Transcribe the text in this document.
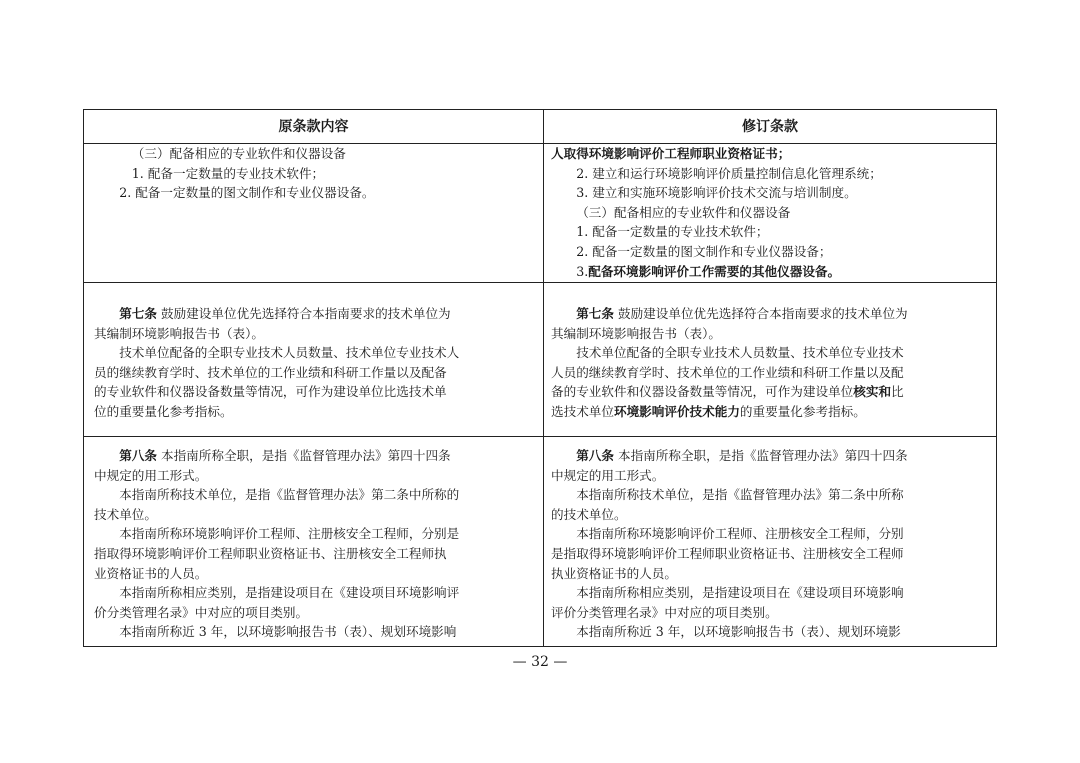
原条款内容	修订条款

（三）配备相应的专业软件和仪器设备

1. 配备一定数量的专业技术软件；

2. 配备一定数量的图文制作和专业仪器设备。

人取得环境影响评价工程师职业资格证书；

2. 建立和运行环境影响评价质量控制信息化管理系统；

3. 建立和实施环境影响评价技术交流与培训制度。

（三）配备相应的专业软件和仪器设备

1. 配备一定数量的专业技术软件；

2. 配备一定数量的图文制作和专业仪器设备；

3.配备环境影响评价工作需要的其他仪器设备。

第七条 鼓励建设单位优先选择符合本指南要求的技术单位为

其编制环境影响报告书（表）。

技术单位配备的全职专业技术人员数量、技术单位专业技术人

员的继续教育学时、技术单位的工作业绩和科研工作量以及配备

的专业软件和仪器设备数量等情况，可作为建设单位比选技术单

位的重要量化参考指标。

第七条 鼓励建设单位优先选择符合本指南要求的技术单位为

其编制环境影响报告书（表）。

技术单位配备的全职专业技术人员数量、技术单位专业技术

人员的继续教育学时、技术单位的工作业绩和科研工作量以及配

备的专业软件和仪器设备数量等情况，可作为建设单位核实和比

选技术单位环境影响评价技术能力的重要量化参考指标。

第八条 本指南所称全职，是指《监督管理办法》第四十四条

中规定的用工形式。

本指南所称技术单位，是指《监督管理办法》第二条中所称的

技术单位。

本指南所称环境影响评价工程师、注册核安全工程师，分别是

指取得环境影响评价工程师职业资格证书、注册核安全工程师执

业资格证书的人员。

本指南所称相应类别，是指建设项目在《建设项目环境影响评

价分类管理名录》中对应的项目类别。

本指南所称近 3 年，以环境影响报告书（表）、规划环境影响

第八条 本指南所称全职，是指《监督管理办法》第四十四条

中规定的用工形式。

本指南所称技术单位，是指《监督管理办法》第二条中所称

的技术单位。

本指南所称环境影响评价工程师、注册核安全工程师，分别

是指取得环境影响评价工程师职业资格证书、注册核安全工程师

执业资格证书的人员。

本指南所称相应类别，是指建设项目在《建设项目环境影响

评价分类管理名录》中对应的项目类别。

本指南所称近 3 年，以环境影响报告书（表）、规划环境影

— 32 —
